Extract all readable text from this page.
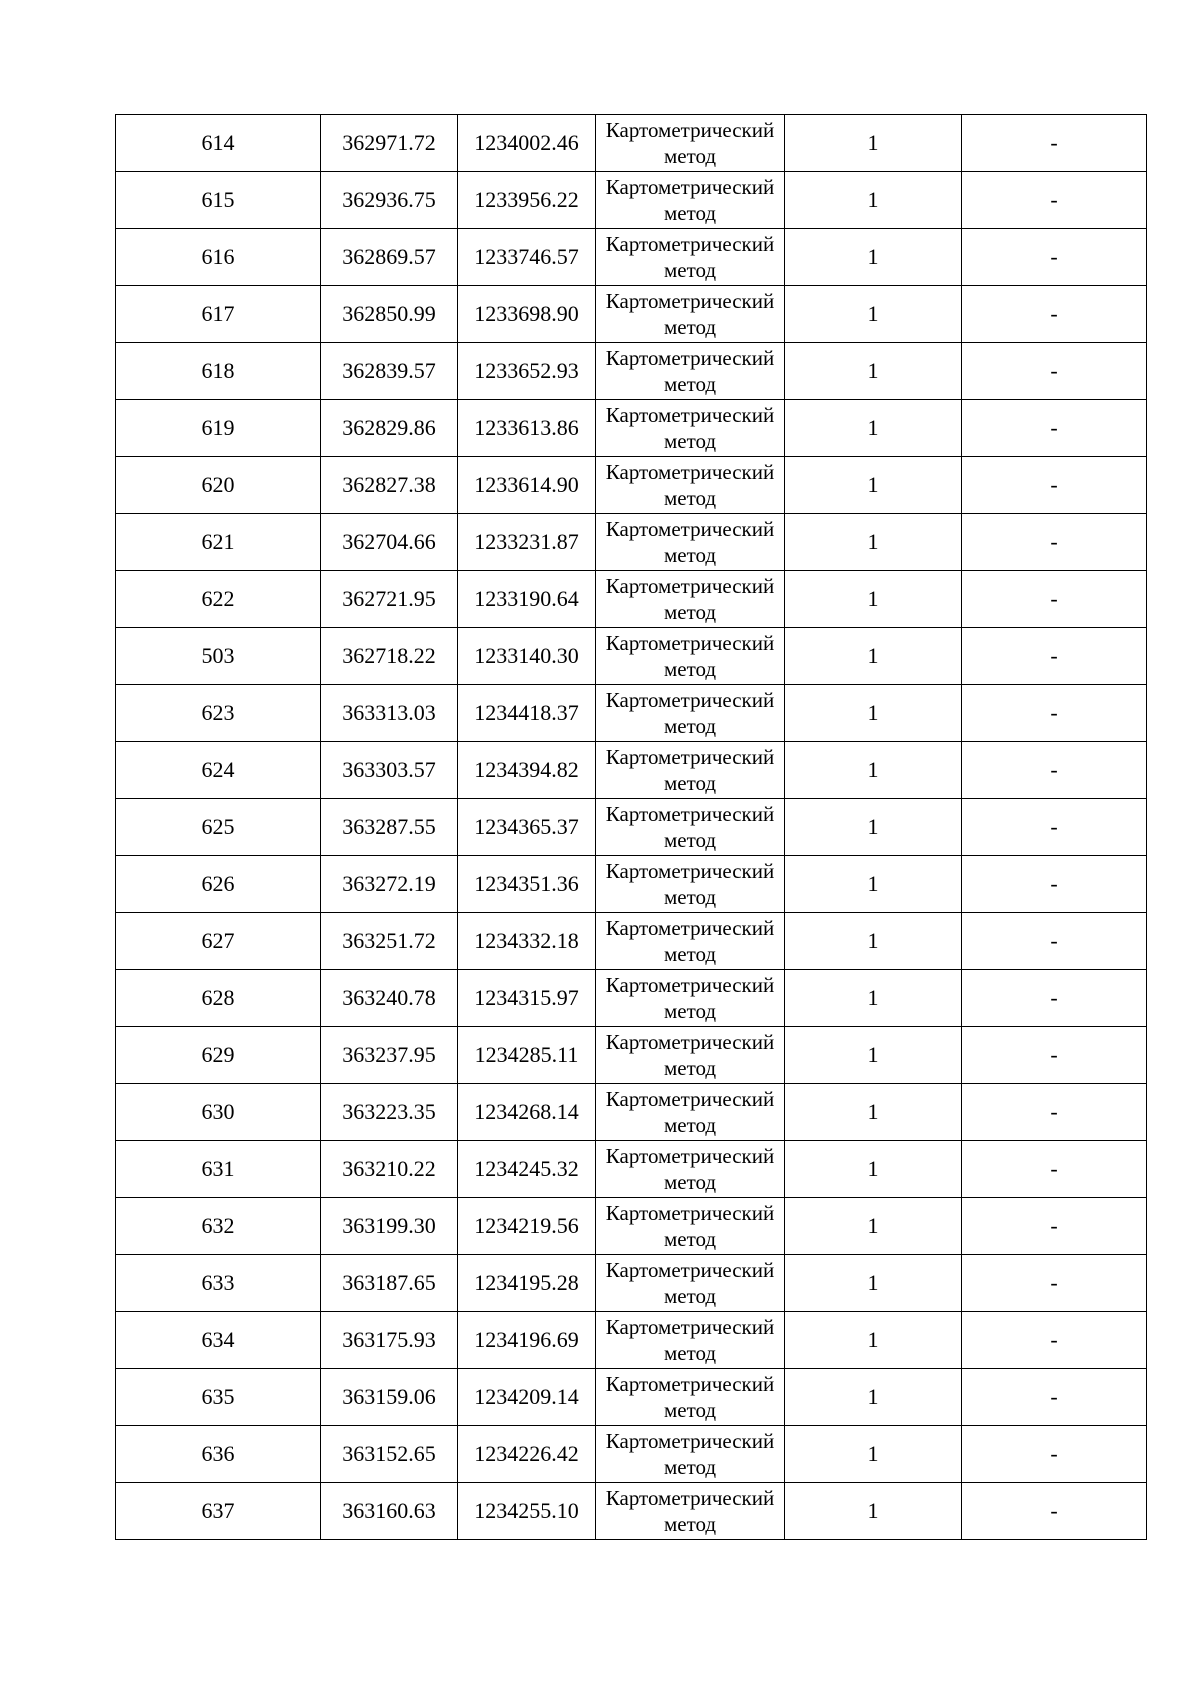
614	362971.72	1234002.46	Картометрический метод	1	-
615	362936.75	1233956.22	Картометрический метод	1	-
616	362869.57	1233746.57	Картометрический метод	1	-
617	362850.99	1233698.90	Картометрический метод	1	-
618	362839.57	1233652.93	Картометрический метод	1	-
619	362829.86	1233613.86	Картометрический метод	1	-
620	362827.38	1233614.90	Картометрический метод	1	-
621	362704.66	1233231.87	Картометрический метод	1	-
622	362721.95	1233190.64	Картометрический метод	1	-
503	362718.22	1233140.30	Картометрический метод	1	-
623	363313.03	1234418.37	Картометрический метод	1	-
624	363303.57	1234394.82	Картометрический метод	1	-
625	363287.55	1234365.37	Картометрический метод	1	-
626	363272.19	1234351.36	Картометрический метод	1	-
627	363251.72	1234332.18	Картометрический метод	1	-
628	363240.78	1234315.97	Картометрический метод	1	-
629	363237.95	1234285.11	Картометрический метод	1	-
630	363223.35	1234268.14	Картометрический метод	1	-
631	363210.22	1234245.32	Картометрический метод	1	-
632	363199.30	1234219.56	Картометрический метод	1	-
633	363187.65	1234195.28	Картометрический метод	1	-
634	363175.93	1234196.69	Картометрический метод	1	-
635	363159.06	1234209.14	Картометрический метод	1	-
636	363152.65	1234226.42	Картометрический метод	1	-
637	363160.63	1234255.10	Картометрический метод	1	-
